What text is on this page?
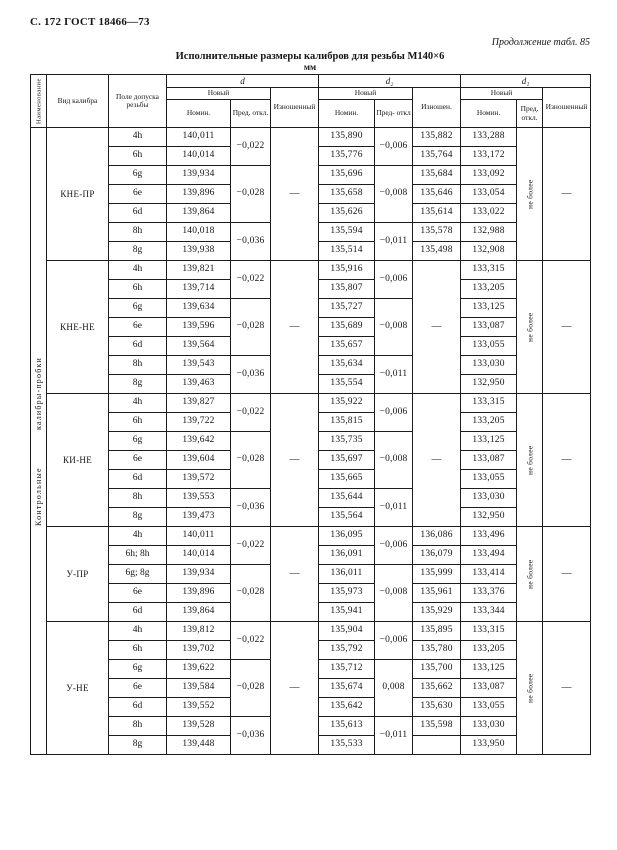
С. 172 ГОСТ 18466—73
Продолжение табл. 85
Исполнительные размеры калибров для резьбы М140×6
мм
Наименование	Вид калибра	Поле допуска резьбы	d			d₂			d₁		
			Новый		Изношенный	Новый		Изношен.	Новый		Изношенный
			Номин.	Пред. откл.		Номин.	Пред- откл		Номин.	Пред. откл.	
Контрольные калибры-пробки	КНЕ-ПР	4h	140,011	−0,022	—	135,890	−0,006	135,882	133,288	не более	—
		6h	140,014			135,776		135,764	133,172		
		6g	139,934	−0,028		135,696	−0,008	135,684	133,092		
		6e	139,896			135,658		135,646	133,054		
		6d	139,864			135,626		135,614	133,022		
		8h	140,018	−0,036		135,594	−0,011	135,578	132,988		
		8g	139,938			135,514		135,498	132,908		
	КНЕ-НЕ	4h	139,821	−0,022	—	135,916	−0,006	—	133,315	не более	—
		6h	139,714			135,807			133,205		
		6g	139,634	−0,028		135,727	−0,008		133,125		
		6e	139,596			135,689			133,087		
		6d	139,564			135,657			133,055		
		8h	139,543	−0,036		135,634	−0,011		133,030		
		8g	139,463			135,554			132,950		
	КИ-НЕ	4h	139,827	−0,022	—	135,922	−0,006	—	133,315	не более	—
		6h	139,722			135,815			133,205		
		6g	139,642	−0,028		135,735	−0,008		133,125		
		6e	139,604			135,697			133,087		
		6d	139,572			135,665			133,055		
		8h	139,553	−0,036		135,644	−0,011		133,030		
		8g	139,473			135,564			132,950		
	У-ПР	4h	140,011	−0,022	—	136,095	−0,006	136,086	133,496	не более	—
		6h; 8h	140,014			136,091		136,079	133,494		
		6g; 8g	139,934	−0,028		136,011	−0,008	135,999	133,414		
		6e	139,896			135,973		135,961	133,376		
		6d	139,864			135,941		135,929	133,344		
	У-НЕ	4h	139,812	−0,022	—	135,904	−0,006	135,895	133,315	не более	—
		6h	139,702			135,792		135,780	133,205		
		6g	139,622	−0,028		135,712	0,008	135,700	133,125		
		6e	139,584			135,674		135,662	133,087		
		6d	139,552			135,642		135,630	133,055		
		8h	139,528	−0,036		135,613	−0,011	135,598	133,030		
		8g	139,448			135,533			133,950		
